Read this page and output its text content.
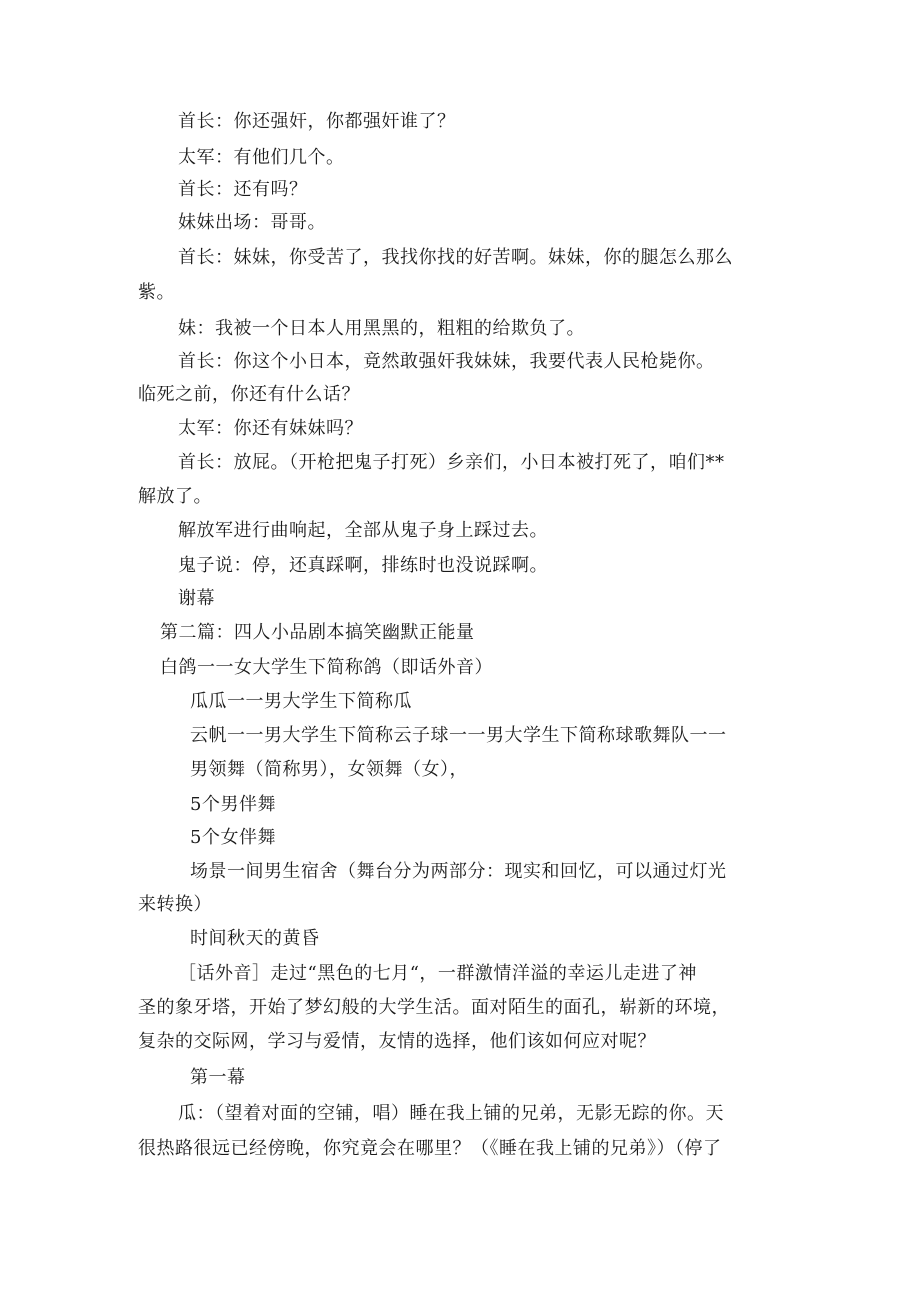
首长：你还强奸，你都强奸谁了？
太军：有他们几个。
首长：还有吗？
妹妹出场：哥哥。
首长：妹妹，你受苦了，我找你找的好苦啊。妹妹，你的腿怎么那么
紫。
妹：我被一个日本人用黑黑的，粗粗的给欺负了。
首长：你这个小日本，竟然敢强奸我妹妹，我要代表人民枪毙你。
临死之前，你还有什么话？
太军：你还有妹妹吗？
首长：放屁。（开枪把鬼子打死）乡亲们，小日本被打死了，咱们**
解放了。
解放军进行曲响起，全部从鬼子身上踩过去。
鬼子说：停，还真踩啊，排练时也没说踩啊。
谢幕
第二篇：四人小品剧本搞笑幽默正能量
白鸽一一女大学生下简称鸽（即话外音）
瓜瓜一一男大学生下简称瓜
云帆一一男大学生下简称云子球一一男大学生下简称球歌舞队一一
男领舞（简称男），女领舞（女），
5个男伴舞
5个女伴舞
场景一间男生宿舍（舞台分为两部分：现实和回忆，可以通过灯光
来转换）
时间秋天的黄昏
［话外音］走过“黑色的七月“，一群激情洋溢的幸运儿走进了神
圣的象牙塔，开始了梦幻般的大学生活。面对陌生的面孔，崭新的环境，
复杂的交际网，学习与爱情，友情的选择，他们该如何应对呢？
第一幕
瓜：（望着对面的空铺，唱）睡在我上铺的兄弟，无影无踪的你。天
很热路很远已经傍晚，你究竟会在哪里？（《睡在我上铺的兄弟》）（停了
